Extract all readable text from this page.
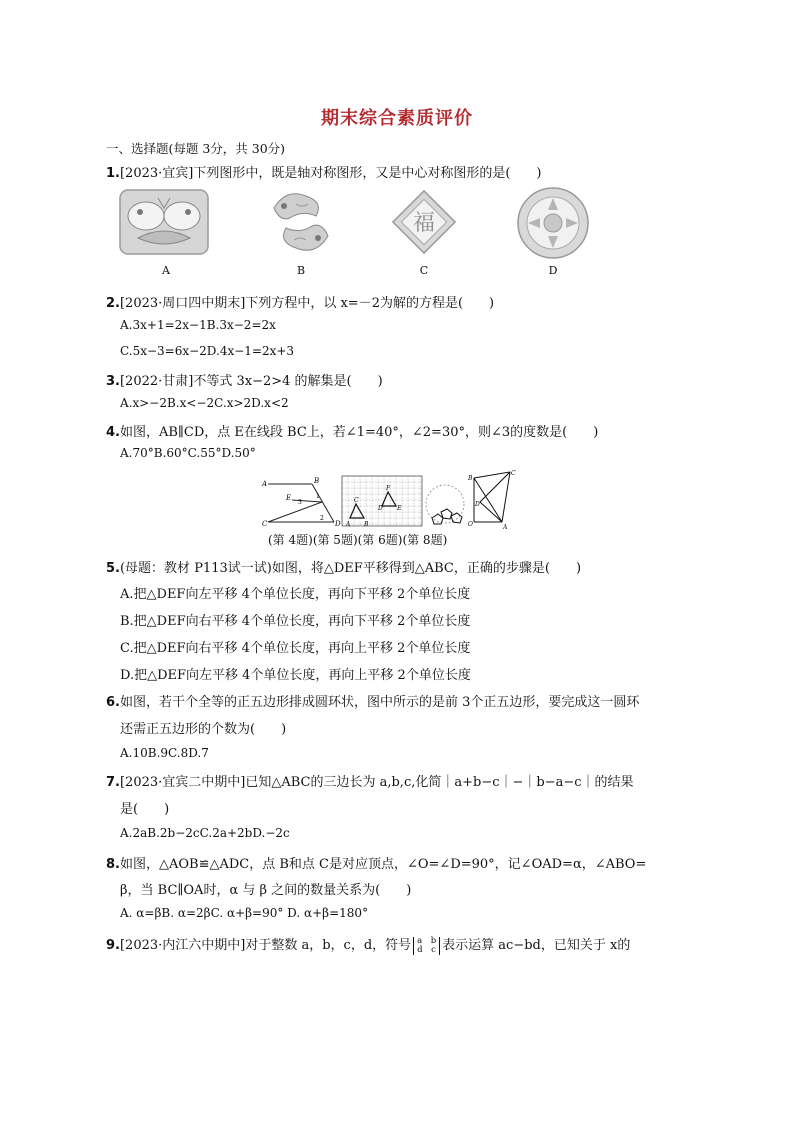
期末综合素质评价
一、选择题(每题 3分，共 30分)
1.[2023·宜宾]下列图形中，既是轴对称图形，又是中心对称图形的是(　　)
福
A	B	C	D
2.[2023·周口四中期末]下列方程中，以 x=－2为解的方程是(　　)
A.3x+1=2x−1B.3x−2=2x
C.5x−3=6x−2D.4x−1=2x+3
3.[2022·甘肃]不等式 3x−2>4 的解集是(　　)
A.x>−2B.x<−2C.x>2D.x<2
4.如图，AB∥CD，点 E在线段 BC上，若∠1=40°，∠2=30°，则∠3的度数是(　　)
A.70°B.60°C.55°D.50°
A	B
C	D
E	1
2
3
A B
C
D E
F
A
B
C
D
O
(第 4题)(第 5题)(第 6题)(第 8题)
5.(母题：教材 P113试一试)如图，将△DEF平移得到△ABC，正确的步骤是(　　)
A.把△DEF向左平移 4个单位长度，再向下平移 2个单位长度
B.把△DEF向右平移 4个单位长度，再向下平移 2个单位长度
C.把△DEF向右平移 4个单位长度，再向上平移 2个单位长度
D.把△DEF向左平移 4个单位长度，再向上平移 2个单位长度
6.如图，若干个全等的正五边形排成圆环状，图中所示的是前 3个正五边形，要完成这一圆环
还需正五边形的个数为(　　)
A.10B.9C.8D.7
7.[2023·宜宾二中期中]已知△ABC的三边长为 a,b,c,化简｜a+b−c｜−｜b−a−c｜的结果
是(　　)
A.2aB.2b−2cC.2a+2bD.−2c
8.如图，△AOB≌△ADC，点 B和点 C是对应顶点，∠O=∠D=90°，记∠OAD=α，∠ABO=
β，当 BC∥OA时，α 与 β 之间的数量关系为(　　)
A. α=βB. α=2βC. α+β=90° D. α+β=180°
9.[2023·内江六中期中]对于整数 a，b，c，d，符号 a　b
d　c 表示运算 ac−bd，已知关于 x的
